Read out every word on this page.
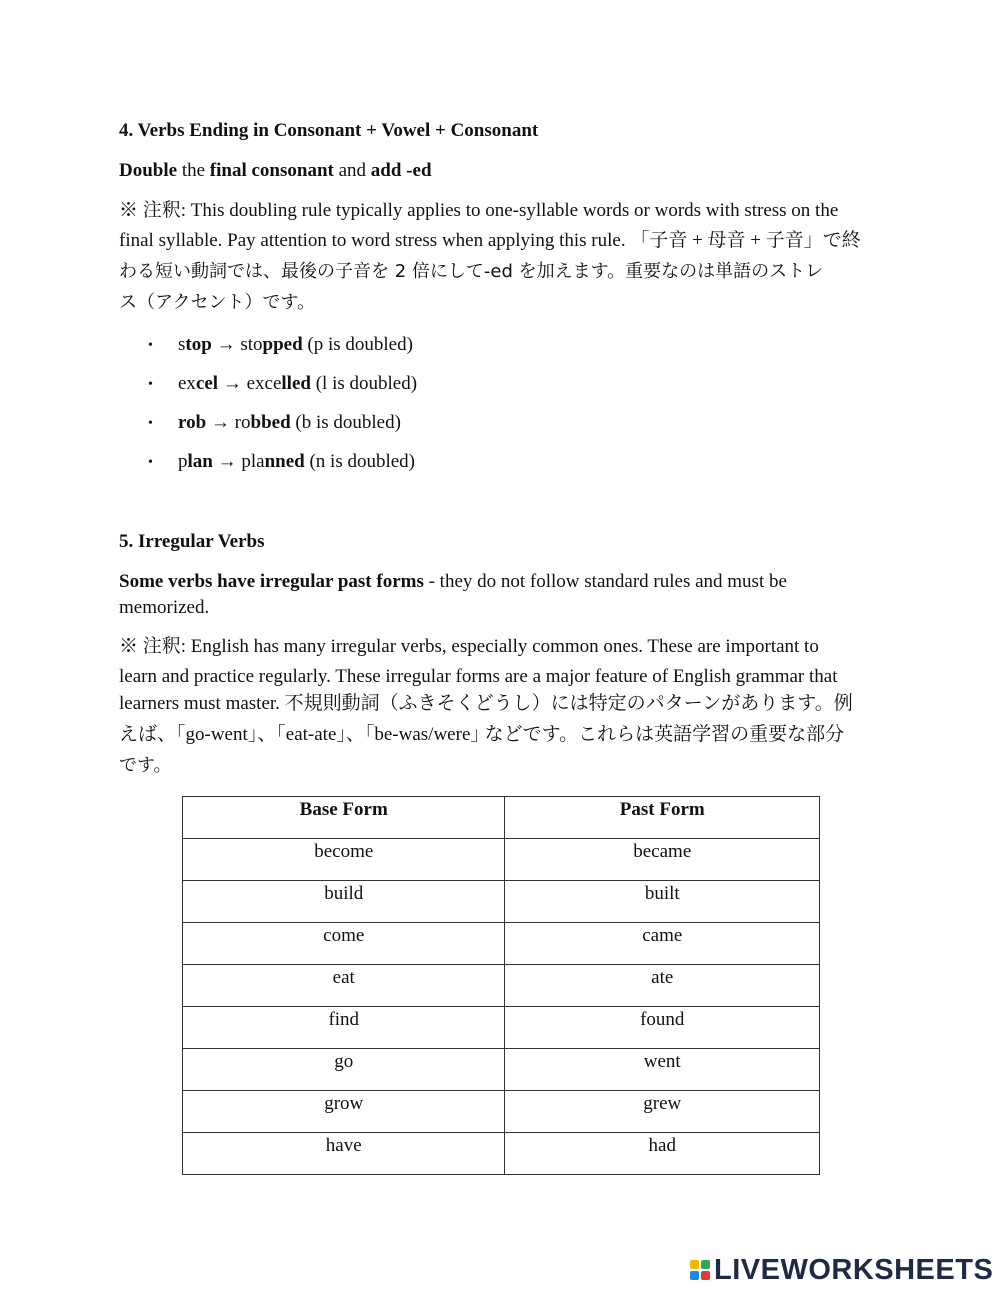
4. Verbs Ending in Consonant + Vowel + Consonant
Double the final consonant and add -ed
※ 注釈: This doubling rule typically applies to one-syllable words or words with stress on the
final syllable. Pay attention to word stress when applying this rule. 「子音 + 母音 + 子音」で終
わる短い動詞では、最後の子音を 2 倍にして-ed を加えます。重要なのは単語のストレ
ス（アクセント）です。
• stop → stopped (p is doubled)
• excel → excelled (l is doubled)
• rob → robbed (b is doubled)
• plan → planned (n is doubled)
5. Irregular Verbs
Some verbs have irregular past forms - they do not follow standard rules and must be
memorized.
※ 注釈: English has many irregular verbs, especially common ones. These are important to
learn and practice regularly. These irregular forms are a major feature of English grammar that
learners must master. 不規則動詞（ふきそくどうし）には特定のパターンがあります。例
えば、｢go-went｣、｢eat-ate｣、｢be-was/were｣ などです。これらは英語学習の重要な部分
です。
Base Form	Past Form
become	became
build	built
come	came
eat	ate
find	found
go	went
grow	grew
have	had
LIVEWORKSHEETS
